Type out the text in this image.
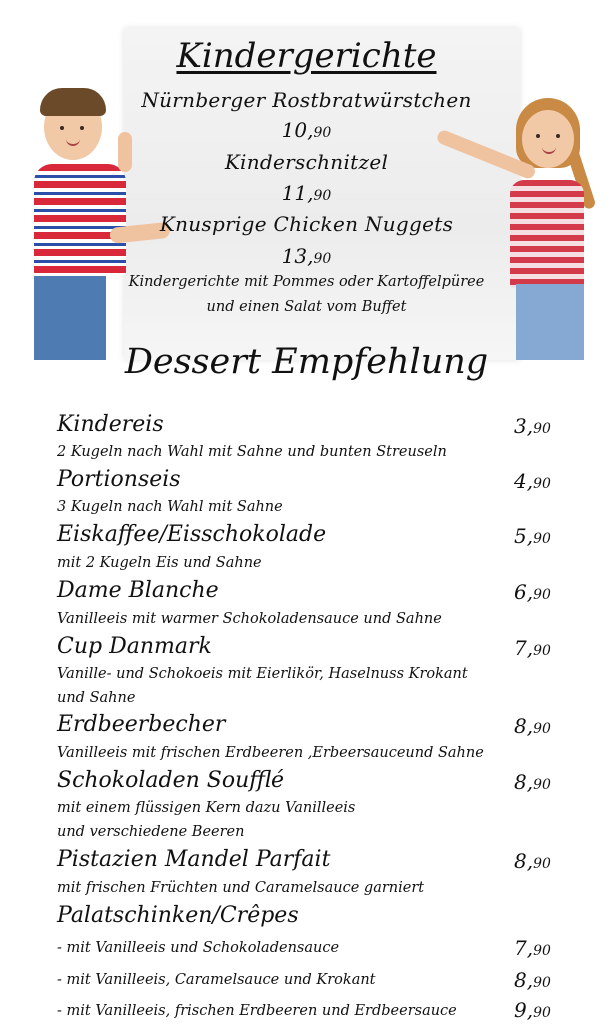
Kindergerichte
Nürnberger Rostbratwürstchen
10,90
Kinderschnitzel
11,90
Knusprige Chicken Nuggets
13,90
Kindergerichte mit Pommes oder Kartoffelpüree
und einen Salat vom Buffet
Dessert Empfehlung
Kindereis	3,90
2 Kugeln nach Wahl mit Sahne und bunten Streuseln
Portionseis	4,90
3 Kugeln nach Wahl mit Sahne
Eiskaffee/Eisschokolade	5,90
mit 2 Kugeln Eis und Sahne
Dame Blanche	6,90
Vanilleeis mit warmer Schokoladensauce und Sahne
Cup Danmark	7,90
Vanille- und Schokoeis mit Eierlikör, Haselnuss Krokant
und Sahne
Erdbeerbecher	8,90
Vanilleeis mit frischen Erdbeeren ,Erbeersauceund Sahne
Schokoladen Soufflé	8,90
mit einem flüssigen Kern dazu Vanilleeis
und verschiedene Beeren
Pistazien Mandel Parfait	8,90
mit frischen Früchten und Caramelsauce garniert
Palatschinken/Crêpes
- mit Vanilleeis und Schokoladensauce	7,90
- mit Vanilleeis, Caramelsauce und Krokant	8,90
- mit Vanilleeis, frischen Erdbeeren und Erdbeersauce	9,90
